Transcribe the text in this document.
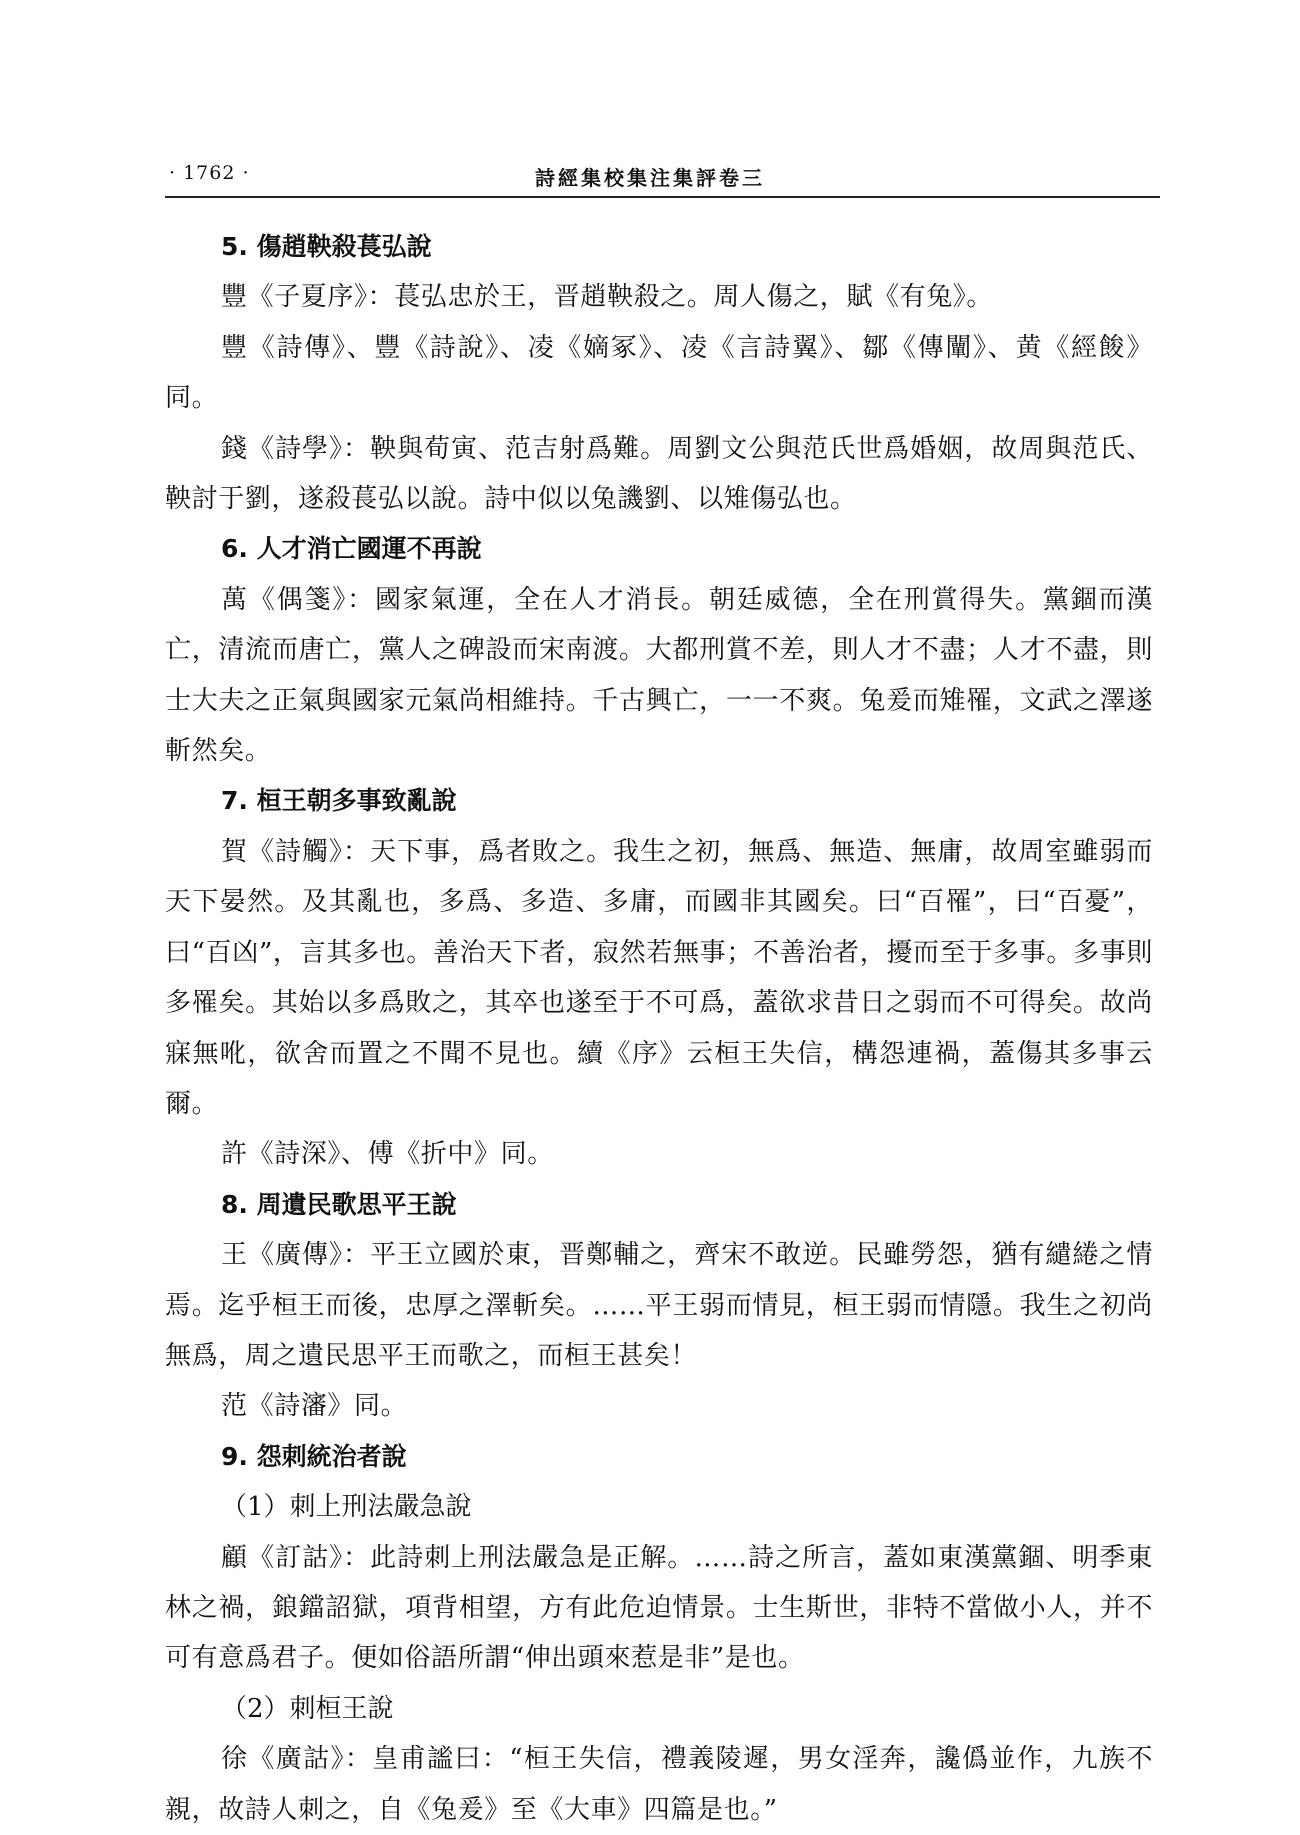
· 1762 ·	詩經集校集注集評卷三

5. 傷趙鞅殺萇弘說

豐《子夏序》：萇弘忠於王，晋趙鞅殺之。周人傷之，賦《有兔》。

豐《詩傳》、豐《詩說》、凌《嫡冢》、凌《言詩翼》、鄒《傳闡》、黄《經餕》同。

錢《詩學》：鞅與荀寅、范吉射爲難。周劉文公與范氏世爲婚姻，故周與范氏、鞅討于劉，遂殺萇弘以說。詩中似以兔譏劉、以雉傷弘也。

6. 人才消亡國運不再說

萬《偶箋》：國家氣運，全在人才消長。朝廷威德，全在刑賞得失。黨錮而漢亡，清流而唐亡，黨人之碑設而宋南渡。大都刑賞不差，則人才不盡；人才不盡，則士大夫之正氣與國家元氣尚相維持。千古興亡，一一不爽。兔爰而雉罹，文武之澤遂斬然矣。

7. 桓王朝多事致亂說

賀《詩觸》：天下事，爲者敗之。我生之初，無爲、無造、無庸，故周室雖弱而天下晏然。及其亂也，多爲、多造、多庸，而國非其國矣。曰“百罹”，曰“百憂”，曰“百凶”，言其多也。善治天下者，寂然若無事；不善治者，擾而至于多事。多事則多罹矣。其始以多爲敗之，其卒也遂至于不可爲，蓋欲求昔日之弱而不可得矣。故尚寐無吪，欲舍而置之不聞不見也。續《序》云桓王失信，構怨連禍，蓋傷其多事云爾。

許《詩深》、傅《折中》同。

8. 周遺民歌思平王說

王《廣傳》：平王立國於東，晋鄭輔之，齊宋不敢逆。民雖勞怨，猶有繾綣之情焉。迄乎桓王而後，忠厚之澤斬矣。……平王弱而情見，桓王弱而情隱。我生之初尚無爲，周之遺民思平王而歌之，而桓王甚矣！

范《詩瀋》同。

9. 怨刺統治者說

（1）刺上刑法嚴急說

顧《訂詁》：此詩刺上刑法嚴急是正解。……詩之所言，蓋如東漢黨錮、明季東林之禍，鋃鐺詔獄，項背相望，方有此危迫情景。士生斯世，非特不當做小人，并不可有意爲君子。便如俗語所謂“伸出頭來惹是非”是也。

（2）刺桓王說

徐《廣詁》：皇甫謐曰：“桓王失信，禮義陵遲，男女淫奔，讒僞並作，九族不親，故詩人刺之，自《兔爰》至《大車》四篇是也。”
